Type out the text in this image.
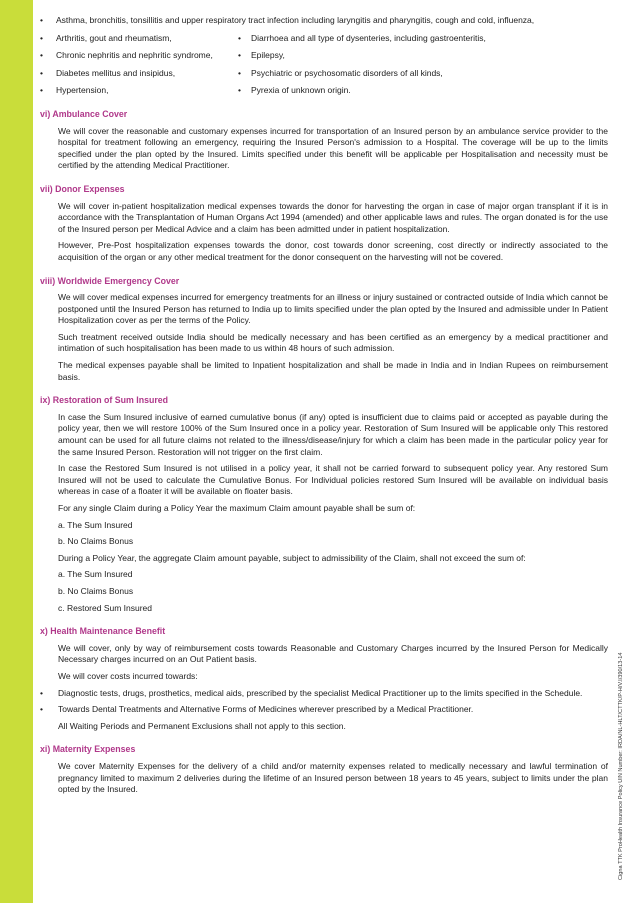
Cigna TTK ProHealth Insurance Policy UIN Number: IRDA/NL-HLT/CTTK/P-H/V.I/390/13-14
•	Asthma, bronchitis, tonsillitis and upper respiratory tract infection including laryngitis and pharyngitis, cough and cold, influenza,
•	Arthritis, gout and rheumatism,	•	Diarrhoea and all type of dysenteries, including gastroenteritis,
•	Chronic nephritis and nephritic syndrome,	•	Epilepsy,
•	Diabetes mellitus and insipidus,	•	Psychiatric or psychosomatic disorders of all kinds,
•	Hypertension,	•	Pyrexia of unknown origin.
vi) Ambulance Cover

We will cover the reasonable and customary expenses incurred for transportation of an Insured person by an ambulance service provider to the hospital for treatment following an emergency, requiring the Insured Person's admission to a Hospital. The coverage will be up to the limits specified under the plan opted by the Insured. Limits specified under this benefit will be applicable per Hospitalisation and necessity must be certified by the attending Medical Practitioner.

vii) Donor Expenses

We will cover in-patient hospitalization medical expenses towards the donor for harvesting the organ in case of major organ transplant if it is in accordance with the Transplantation of Human Organs Act 1994 (amended) and other applicable laws and rules. The organ donated is for the use of the Insured person per Medical Advice and a claim has been admitted under in patient hospitalization.

However, Pre-Post hospitalization expenses towards the donor, cost towards donor screening, cost directly or indirectly associated to the acquisition of the organ or any other medical treatment for the donor consequent on the harvesting will not be covered.

viii) Worldwide Emergency Cover

We will cover medical expenses incurred for emergency treatments for an illness or injury sustained or contracted outside of India which cannot be postponed until the Insured Person has returned to India up to limits specified under the plan opted by the Insured and admissible under In Patient Hospitalization cover as per the terms of the Policy.

Such treatment received outside India should be medically necessary and has been certified as an emergency by a medical practitioner and intimation of such hospitalisation has been made to us within 48 hours of such admission.

The medical expenses payable shall be limited to Inpatient hospitalization and shall be made in India and in Indian Rupees on reimbursement basis.

ix) Restoration of Sum Insured

In case the Sum Insured inclusive of earned cumulative bonus (if any) opted is insufficient due to claims paid or accepted as payable during the policy year, then we will restore 100% of the Sum Insured once in a policy year. Restoration of Sum Insured will be applicable only This restored amount can be used for all future claims not related to the illness/disease/injury for which a claim has been made in the particular policy year for the same Insured Person. Restoration will not trigger on the first claim.

In case the Restored Sum Insured is not utilised in a policy year, it shall not be carried forward to subsequent policy year. Any restored Sum Insured will not be used to calculate the Cumulative Bonus. For Individual policies restored Sum Insured will be available on individual basis whereas in case of a floater it will be available on floater basis.

For any single Claim during a Policy Year the maximum Claim amount payable shall be sum of:

a. The Sum Insured
b. No Claims Bonus

During a Policy Year, the aggregate Claim amount payable, subject to admissibility of the Claim, shall not exceed the sum of:

a. The Sum Insured
b. No Claims Bonus
c. Restored Sum Insured
x) Health Maintenance Benefit

We will cover, only by way of reimbursement costs towards Reasonable and Customary Charges incurred by the Insured Person for Medically Necessary charges incurred on an Out Patient basis.

We will cover costs incurred towards:

•	Diagnostic tests, drugs, prosthetics, medical aids, prescribed by the specialist Medical Practitioner up to the limits specified in the Schedule.
•	Towards Dental Treatments and Alternative Forms of Medicines wherever prescribed by a Medical Practitioner.

All Waiting Periods and Permanent Exclusions shall not apply to this section.

xi) Maternity Expenses

We cover Maternity Expenses for the delivery of a child and/or maternity expenses related to medically necessary and lawful termination of pregnancy limited to maximum 2 deliveries during the lifetime of an Insured person between 18 years to 45 years, subject to limits under the plan opted by the Insured.
